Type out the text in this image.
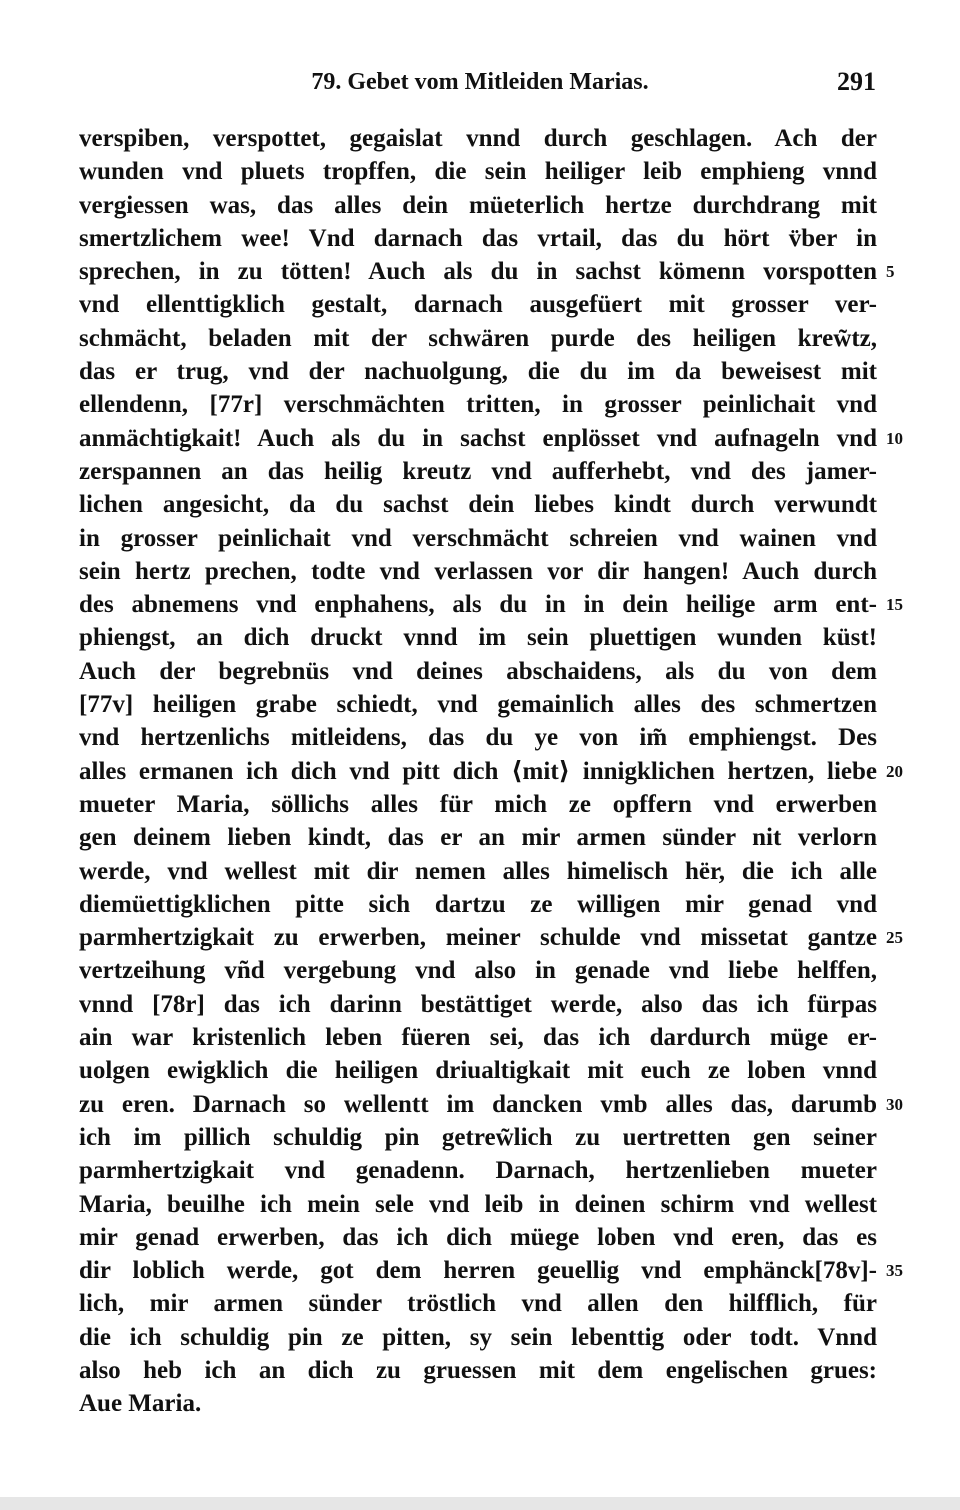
79. Gebet vom Mitleiden Marias.	291
verspiben, verspottet, gegaislat vnnd durch geschlagen. Ach der
wunden vnd pluets tropffen, die sein heiliger leib emphieng vnnd
vergiessen was, das alles dein müeterlich hertze durchdrang mit
smertzlichem wee! Vnd darnach das vrtail, das du hört v̈ber in
sprechen, in zu tötten! Auch als du in sachst kömenn vorspotten
vnd ellenttigklich gestalt, darnach ausgefüert mit grosser ver-
schmächt, beladen mit der schwären purde des heiligen krew̃tz,
das er trug, vnd der nachuolgung, die du im da beweisest mit
ellendenn, [77r] verschmächten tritten, in grosser peinlichait vnd
anmächtigkait! Auch als du in sachst enplösset vnd aufnageln vnd
zerspannen an das heilig kreutz vnd aufferhebt, vnd des jamer-
lichen angesicht, da du sachst dein liebes kindt durch verwundt
in grosser peinlichait vnd verschmächt schreien vnd wainen vnd
sein hertz prechen, todte vnd verlassen vor dir hangen! Auch durch
des abnemens vnd enphahens, als du in in dein heilige arm ent-
phiengst, an dich druckt vnnd im sein pluettigen wunden küst!
Auch der begrebnüs vnd deines abschaidens, als du von dem
[77v] heiligen grabe schiedt, vnd gemainlich alles des schmertzen
vnd hertzenlichs mitleidens, das du ye von im̃ emphiengst. Des
alles ermanen ich dich vnd pitt dich ⟨mit⟩ innigklichen hertzen, liebe
mueter Maria, söllichs alles für mich ze opffern vnd erwerben
gen deinem lieben kindt, das er an mir armen sünder nit verlorn
werde, vnd wellest mit dir nemen alles himelisch hër, die ich alle
diemüettigklichen pitte sich dartzu ze willigen mir genad vnd
parmhertzigkait zu erwerben, meiner schulde vnd missetat gantze
vertzeihung vñd vergebung vnd also in genade vnd liebe helffen,
vnnd [78r] das ich darinn bestättiget werde, also das ich fürpas
ain war kristenlich leben füeren sei, das ich dardurch müge er-
uolgen ewigklich die heiligen driualtigkait mit euch ze loben vnnd
zu eren. Darnach so wellentt im dancken vmb alles das, darumb
ich im pillich schuldig pin getrew̃lich zu uertretten gen seiner
parmhertzigkait vnd genadenn. Darnach, hertzenlieben mueter
Maria, beuilhe ich mein sele vnd leib in deinen schirm vnd wellest
mir genad erwerben, das ich dich müege loben vnd eren, das es
dir loblich werde, got dem herren geuellig vnd emphänck[78v]-
lich, mir armen sünder tröstlich vnd allen den hilfflich, für
die ich schuldig pin ze pitten, sy sein lebenttig oder todt. Vnnd
also heb ich an dich zu gruessen mit dem engelischen grues:
Aue Maria.
5
10
15
20
25
30
35
